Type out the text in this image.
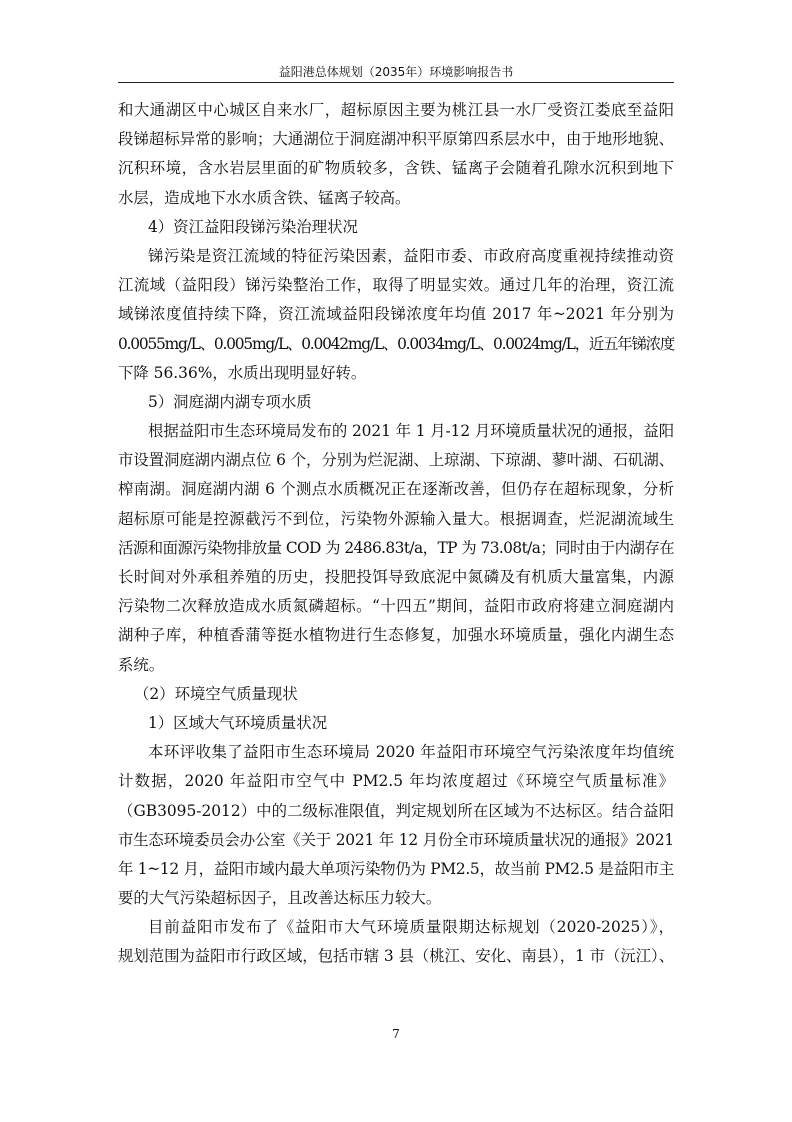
益阳港总体规划（2035年）环境影响报告书

和大通湖区中心城区自来水厂，超标原因主要为桃江县一水厂受资江娄底至益阳
段锑超标异常的影响；大通湖位于洞庭湖冲积平原第四系层水中，由于地形地貌、
沉积环境，含水岩层里面的矿物质较多，含铁、锰离子会随着孔隙水沉积到地下
水层，造成地下水水质含铁、锰离子较高。

4）资江益阳段锑污染治理状况

锑污染是资江流域的特征污染因素，益阳市委、市政府高度重视持续推动资
江流域（益阳段）锑污染整治工作，取得了明显实效。通过几年的治理，资江流
域锑浓度值持续下降，资江流域益阳段锑浓度年均值 2017 年~2021 年分别为
0.0055mg/L、0.005mg/L、0.0042mg/L、0.0034mg/L、0.0024mg/L，近五年锑浓度
下降 56.36%，水质出现明显好转。

5）洞庭湖内湖专项水质

根据益阳市生态环境局发布的 2021 年 1 月-12 月环境质量状况的通报，益阳
市设置洞庭湖内湖点位 6 个，分别为烂泥湖、上琼湖、下琼湖、蓼叶湖、石矶湖、
榨南湖。洞庭湖内湖 6 个测点水质概况正在逐渐改善，但仍存在超标现象，分析
超标原可能是控源截污不到位，污染物外源输入量大。根据调查，烂泥湖流域生
活源和面源污染物排放量 COD 为 2486.83t/a，TP 为 73.08t/a；同时由于内湖存在
长时间对外承租养殖的历史，投肥投饵导致底泥中氮磷及有机质大量富集，内源
污染物二次释放造成水质氮磷超标。“十四五”期间，益阳市政府将建立洞庭湖内
湖种子库，种植香蒲等挺水植物进行生态修复，加强水环境质量，强化内湖生态
系统。

（2）环境空气质量现状

1）区域大气环境质量状况

本环评收集了益阳市生态环境局 2020 年益阳市环境空气污染浓度年均值统
计数据，2020 年益阳市空气中 PM2.5 年均浓度超过《环境空气质量标准》
（GB3095-2012）中的二级标准限值，判定规划所在区域为不达标区。结合益阳
市生态环境委员会办公室《关于 2021 年 12 月份全市环境质量状况的通报》2021
年 1~12 月，益阳市域内最大单项污染物仍为 PM2.5，故当前 PM2.5 是益阳市主
要的大气污染超标因子，且改善达标压力较大。

目前益阳市发布了《益阳市大气环境质量限期达标规划（2020-2025）》，
规划范围为益阳市行政区域，包括市辖 3 县（桃江、安化、南县），1 市（沅江）、

7
